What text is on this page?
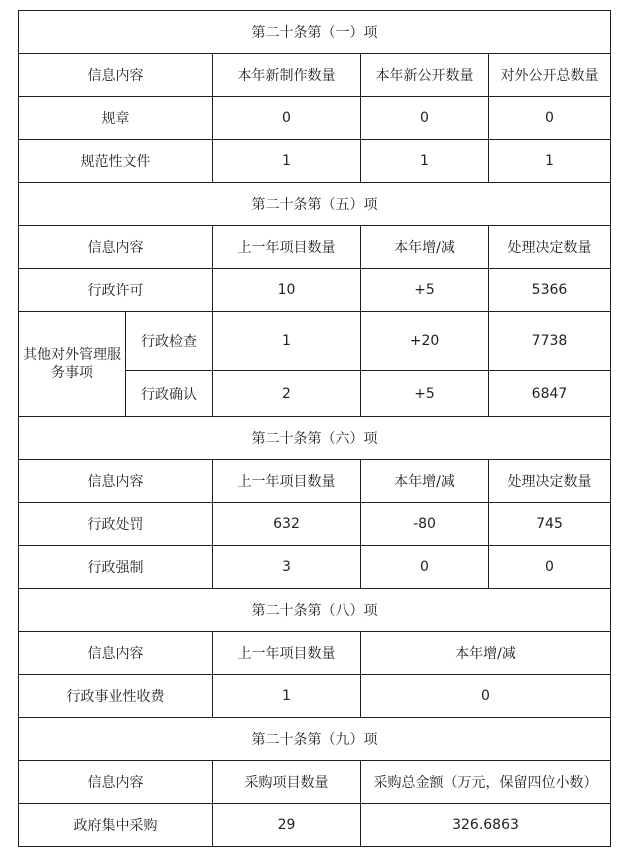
第二十条第（一）项				
信息内容		本年新制作数量	本年新公开数量	对外公开总数量
规章		0	0	0
规范性文件		1	1	1
第二十条第（五）项				
信息内容		上一年项目数量	本年增/减	处理决定数量
行政许可		10	+5	5366
其他对外管理服务事项	行政检查	1	+20	7738
	行政确认	2	+5	6847
第二十条第（六）项				
信息内容		上一年项目数量	本年增/减	处理决定数量
行政处罚		632	-80	745
行政强制		3	0	0
第二十条第（八）项				
信息内容		上一年项目数量	本年增/减	
行政事业性收费		1	0	
第二十条第（九）项				
信息内容		采购项目数量	采购总金额（万元，保留四位小数）	
政府集中采购		29	326.6863	
